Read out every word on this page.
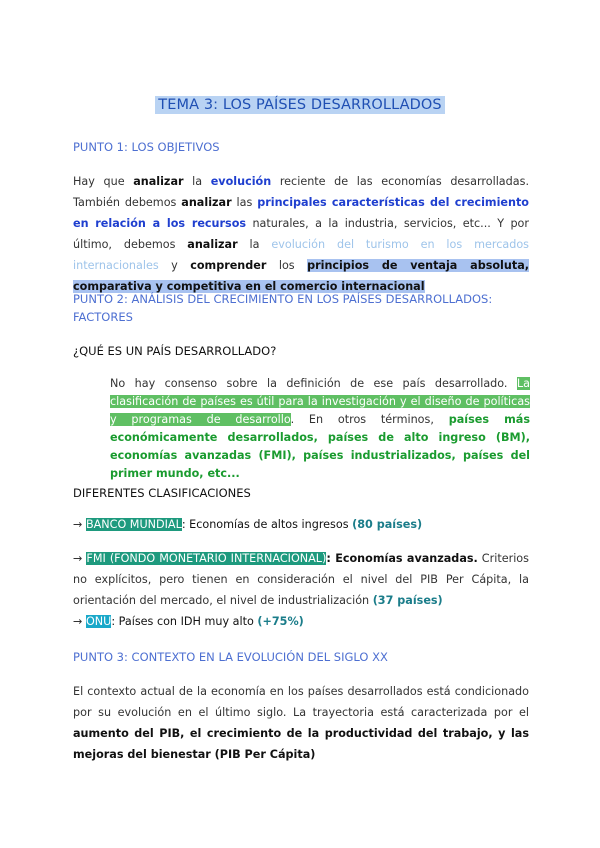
TEMA 3: LOS PAÍSES DESARROLLADOS
PUNTO 1: LOS OBJETIVOS
Hay que analizar la evolución reciente de las economías desarrolladas. También debemos analizar las principales características del crecimiento en relación a los recursos naturales, a la industria, servicios, etc... Y por último, debemos analizar la evolución del turismo en los mercados internacionales y comprender los principios de ventaja absoluta, comparativa y competitiva en el comercio internacional
PUNTO 2: ANÁLISIS DEL CRECIMIENTO EN LOS PAÍSES DESARROLLADOS: FACTORES
¿QUÉ ES UN PAÍS DESARROLLADO?
No hay consenso sobre la definición de ese país desarrollado. La clasificación de países es útil para la investigación y el diseño de políticas y programas de desarrollo. En otros términos, países más económicamente desarrollados, países de alto ingreso (BM), economías avanzadas (FMI), países industrializados, países del primer mundo, etc...
DIFERENTES CLASIFICACIONES
→ BANCO MUNDIAL: Economías de altos ingresos (80 países)
→ FMI (FONDO MONETARIO INTERNACIONAL): Economías avanzadas. Criterios no explícitos, pero tienen en consideración el nivel del PIB Per Cápita, la orientación del mercado, el nivel de industrialización (37 países)
→ ONU: Países con IDH muy alto (+75%)
PUNTO 3: CONTEXTO EN LA EVOLUCIÓN DEL SIGLO XX
El contexto actual de la economía en los países desarrollados está condicionado por su evolución en el último siglo. La trayectoria está caracterizada por el aumento del PIB, el crecimiento de la productividad del trabajo, y las mejoras del bienestar (PIB Per Cápita)
